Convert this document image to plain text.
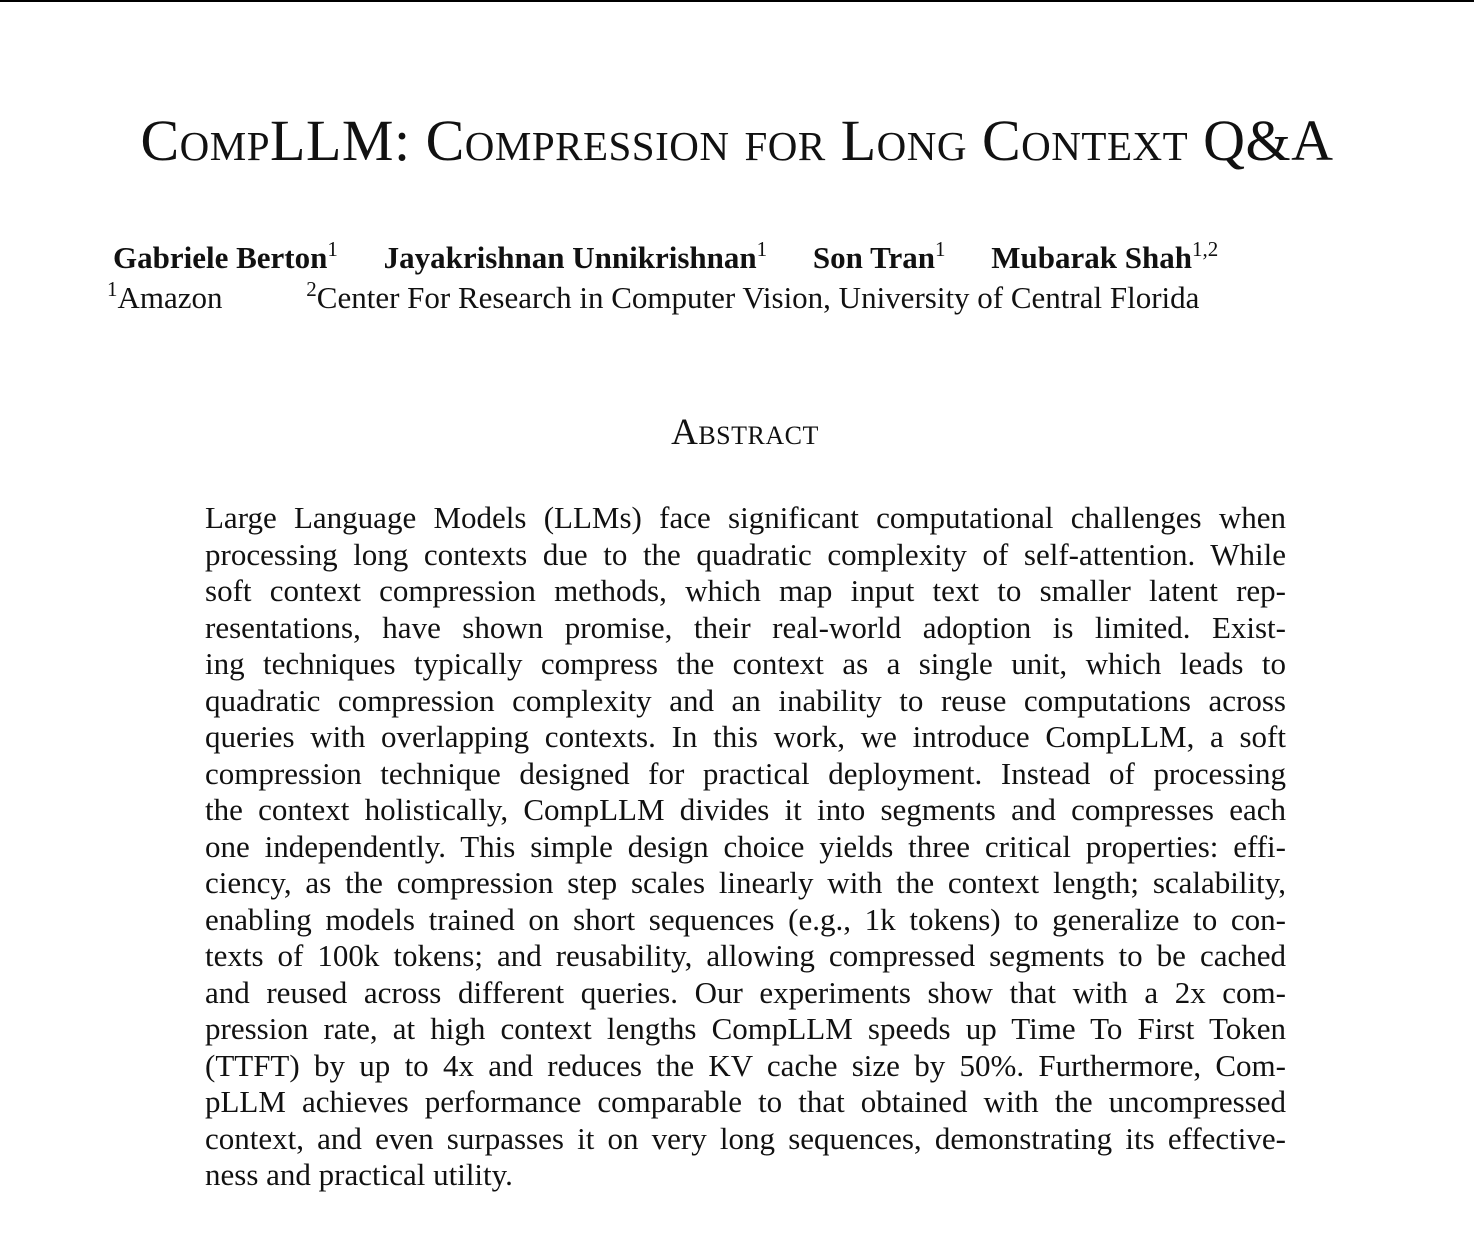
CompLLM: Compression for Long Context Q&A
Gabriele Berton$^1$ Jayakrishnan Unnikrishnan$^1$ Son Tran$^1$ Mubarak Shah$^{1,2}$
$^1$Amazon	$^2$Center For Research in Computer Vision, University of Central Florida
Abstract
Large Language Models (LLMs) face significant computational challenges when
processing long contexts due to the quadratic complexity of self-attention. While
soft context compression methods, which map input text to smaller latent rep-
resentations, have shown promise, their real-world adoption is limited. Exist-
ing techniques typically compress the context as a single unit, which leads to
quadratic compression complexity and an inability to reuse computations across
queries with overlapping contexts. In this work, we introduce CompLLM, a soft
compression technique designed for practical deployment. Instead of processing
the context holistically, CompLLM divides it into segments and compresses each
one independently. This simple design choice yields three critical properties: effi-
ciency, as the compression step scales linearly with the context length; scalability,
enabling models trained on short sequences (e.g., 1k tokens) to generalize to con-
texts of 100k tokens; and reusability, allowing compressed segments to be cached
and reused across different queries. Our experiments show that with a 2x com-
pression rate, at high context lengths CompLLM speeds up Time To First Token
(TTFT) by up to 4x and reduces the KV cache size by 50%. Furthermore, Com-
pLLM achieves performance comparable to that obtained with the uncompressed
context, and even surpasses it on very long sequences, demonstrating its effective-
ness and practical utility.
